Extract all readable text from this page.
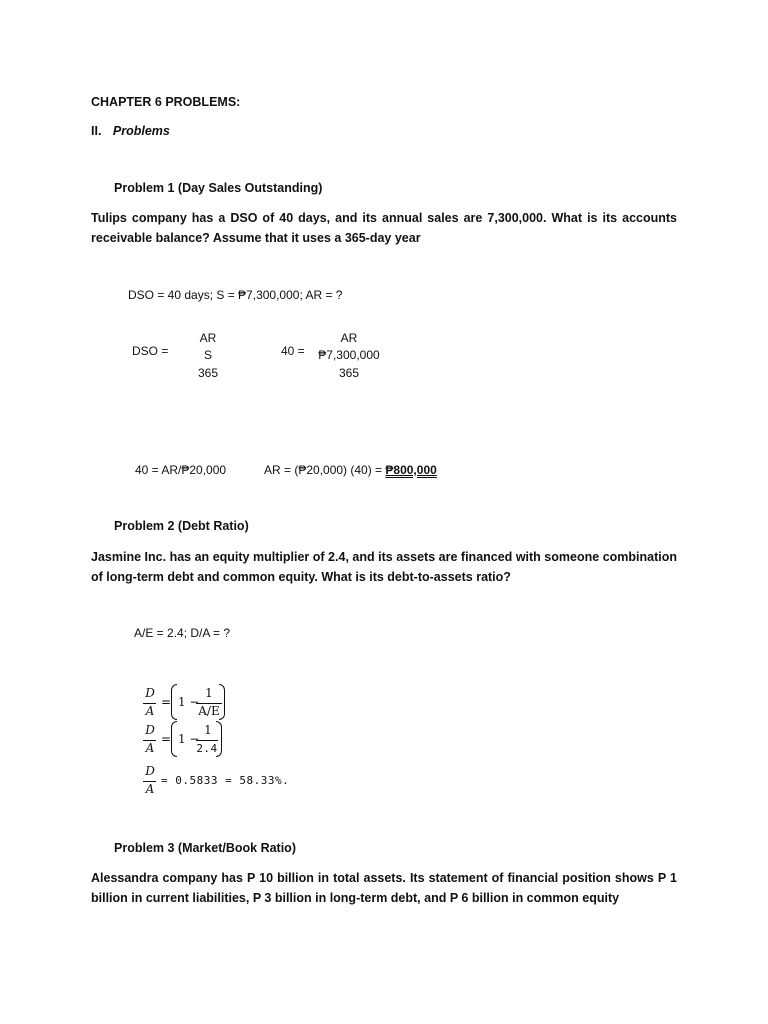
CHAPTER 6 PROBLEMS:
II. Problems
Problem 1 (Day Sales Outstanding)
Tulips company has a DSO of 40 days, and its annual sales are 7,300,000. What is its accounts receivable balance? Assume that it uses a 365-day year
DSO = 40 days; S = ₱7,300,000; AR = ?
DSO =
AR
S
365
40 =
AR
₱7,300,000
365
40 = AR/₱20,000	AR = (₱20,000) (40) = ₱800,000
Problem 2 (Debt Ratio)
Jasmine Inc. has an equity multiplier of 2.4, and its assets are financed with someone combination of long-term debt and common equity. What is its debt-to-assets ratio?
A/E = 2.4; D/A = ?
D
A
= 1 −
1
A/E
D
A
= 1 −
1
2.4
D
A
= 0.5833 = 58.33%.
Problem 3 (Market/Book Ratio)
Alessandra company has P 10 billion in total assets. Its statement of financial position shows P 1 billion in current liabilities, P 3 billion in long-term debt, and P 6 billion in common equity
